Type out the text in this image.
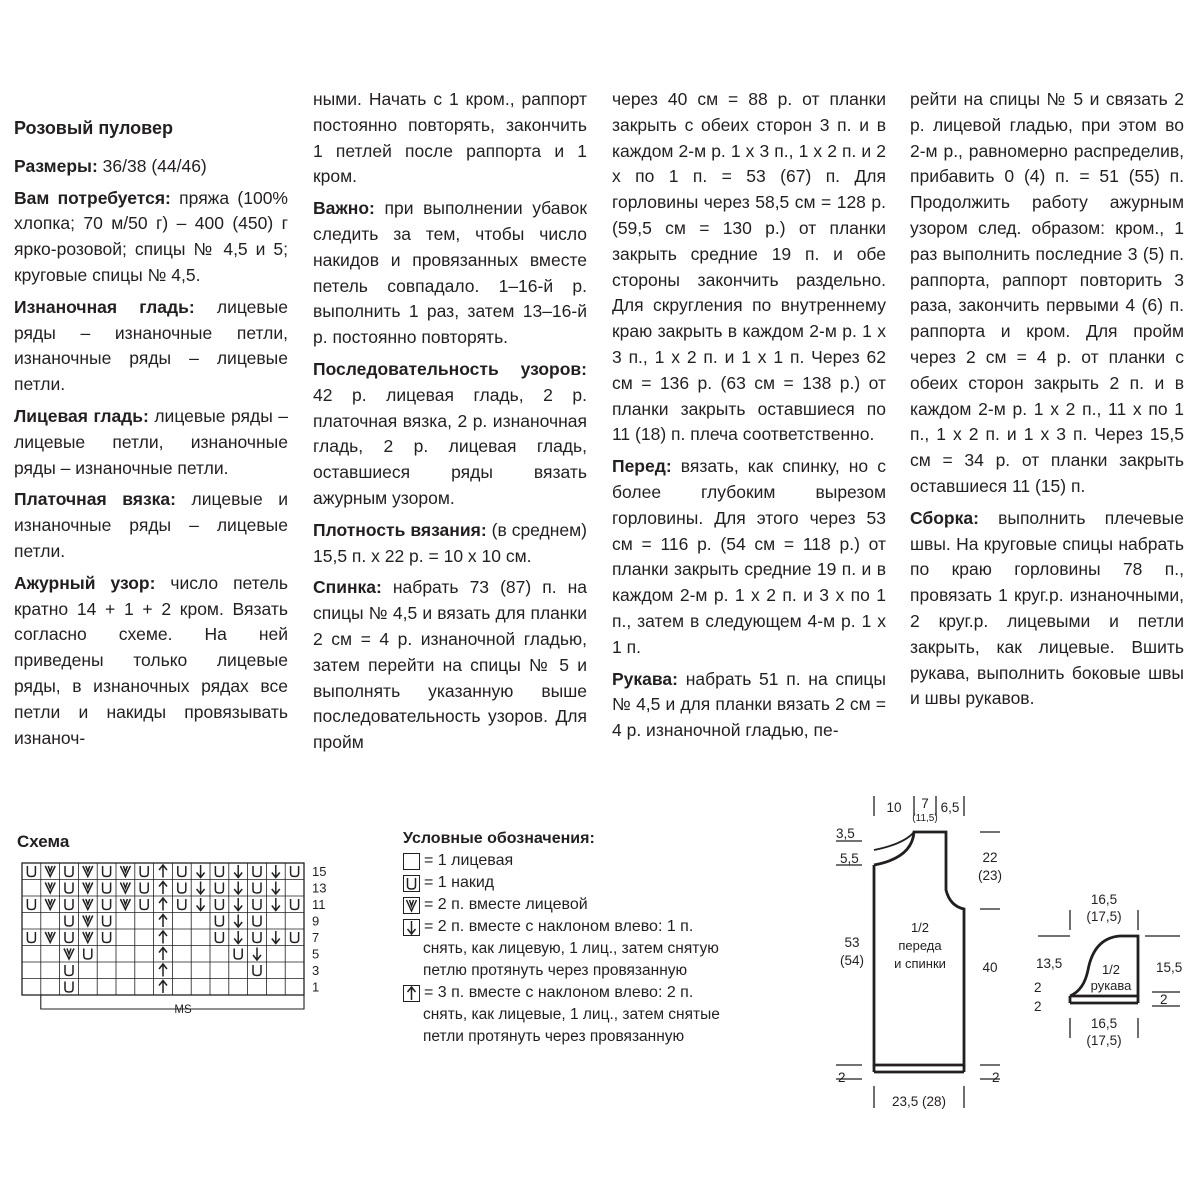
Розовый пуловер

Размеры: 36/38 (44/46)

Вам потребуется: пряжа (100% хлопка; 70 м/50 г) – 400 (450) г ярко-розовой; спицы № 4,5 и 5; круговые спицы № 4,5.

Изнаночная гладь: лицевые ряды – изнаночные петли, изнаночные ряды – лицевые петли.

Лицевая гладь: лицевые ряды – лицевые петли, изнаночные ряды – изнаночные петли.

Платочная вязка: лицевые и изнаночные ряды – лицевые петли.

Ажурный узор: число петель кратно 14 + 1 + 2 кром. Вязать согласно схеме. На ней приведены только лицевые ряды, в изнаночных рядах все петли и накиды провязывать изнаноч-

ными. Начать с 1 кром., раппорт постоянно повторять, закончить 1 петлей после раппорта и 1 кром.

Важно: при выполнении убавок следить за тем, чтобы число накидов и провязанных вместе петель совпадало. 1–16-й р. выполнить 1 раз, затем 13–16-й р. постоянно повторять.

Последовательность узоров: 42 р. лицевая гладь, 2 р. платочная вязка, 2 р. изнаночная гладь, 2 р. лицевая гладь, оставшиеся ряды вязать ажурным узором.

Плотность вязания: (в среднем) 15,5 п. х 22 р. = 10 х 10 см.

Спинка: набрать 73 (87) п. на спицы № 4,5 и вязать для планки 2 см = 4 р. изнаночной гладью, затем перейти на спицы № 5 и выполнять указанную выше последовательность узоров. Для пройм

через 40 см = 88 р. от планки закрыть с обеих сторон 3 п. и в каждом 2-м р. 1 х 3 п., 1 х 2 п. и 2 х по 1 п. = 53 (67) п. Для горловины через 58,5 см = 128 р. (59,5 см = 130 р.) от планки закрыть средние 19 п. и обе стороны закончить раздельно. Для скругления по внутреннему краю закрыть в каждом 2-м р. 1 х 3 п., 1 х 2 п. и 1 х 1 п. Через 62 см = 136 р. (63 см = 138 р.) от планки закрыть оставшиеся по 11 (18) п. плеча соответственно.

Перед: вязать, как спинку, но с более глубоким вырезом горловины. Для этого через 53 см = 116 р. (54 см = 118 р.) от планки закрыть средние 19 п. и в каждом 2-м р. 1 х 2 п. и 3 х по 1 п., затем в следующем 4-м р. 1 х 1 п.

Рукава: набрать 51 п. на спицы № 4,5 и для планки вязать 2 см = 4 р. изнаночной гладью, пе-

рейти на спицы № 5 и связать 2 р. лицевой гладью, при этом во 2-м р., равномерно распределив, прибавить 0 (4) п. = 51 (55) п. Продолжить работу ажурным узором след. образом: кром., 1 раз выполнить последние 3 (5) п. раппорта, раппорт повторить 3 раза, закончить первыми 4 (6) п. раппорта и кром. Для пройм через 2 см = 4 р. от планки с обеих сторон закрыть 2 п. и в каждом 2-м р. 1 х 2 п., 11 х по 1 п., 1 х 2 п. и 1 х 3 п. Через 15,5 см = 34 р. от планки закрыть оставшиеся 11 (15) п.

Сборка: выполнить плечевые швы. На круговые спицы набрать по краю горловины 78 п., провязать 1 круг.р. изнаночными, 2 круг.р. лицевыми и петли закрыть, как лицевые. Вшить рукава, выполнить боковые швы и швы рукавов.

Схема
15
13
11
9
7
5
3
1
MS
Условные обозначения:
= 1 лицевая
= 1 накид
= 2 п. вместе лицевой
= 2 п. вместе с наклоном влево: 1 п.
снять, как лицевую, 1 лиц., затем снятую петлю протянуть через провязанную
= 3 п. вместе с наклоном влево: 2 п.
снять, как лицевые, 1 лиц., затем снятые петли протянуть через провязанную
10 7
(11,5)
6,5
3,5
5,5	22
(23)
53
(54)	40
1/2
переда
и спинки
2	2
23,5 (28)
16,5
(17,5)
13,5	15,5
1/2
рукава
2
2	2
16,5
(17,5)
